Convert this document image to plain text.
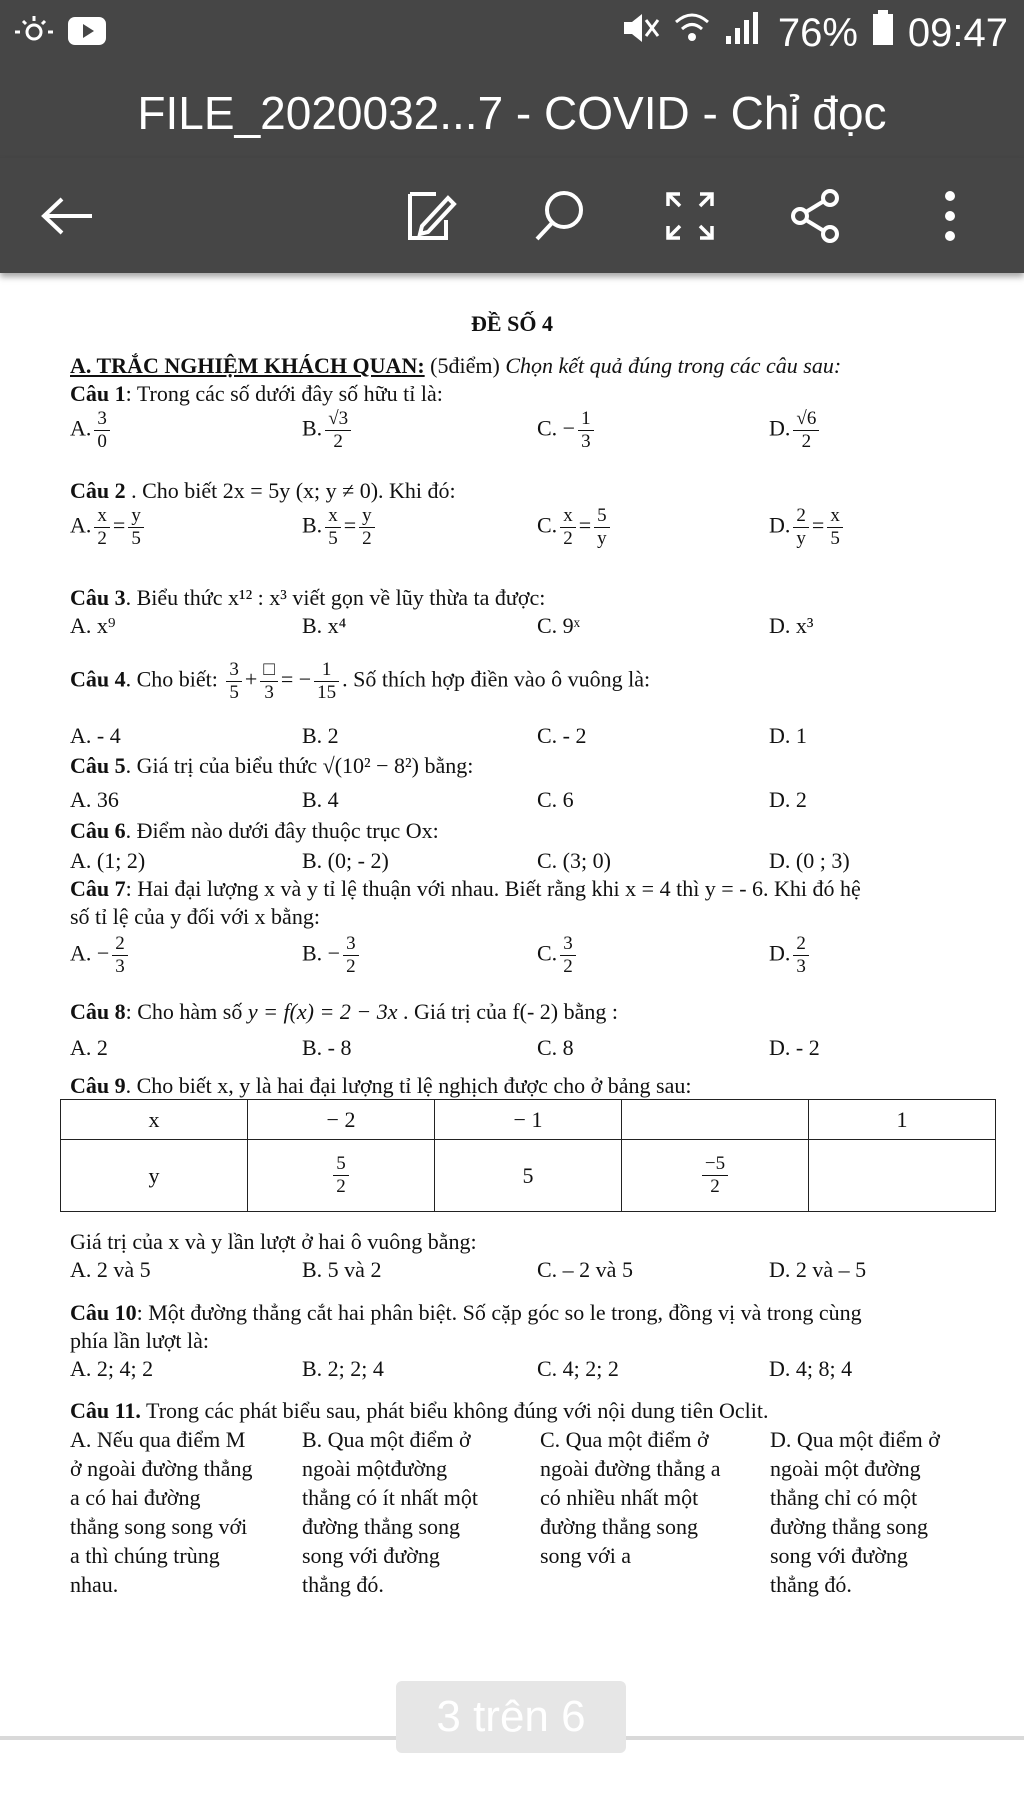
76% 09:47
FILE_2020032...7 - COVID - Chỉ đọc
ĐỀ SỐ 4
A. TRẮC NGHIỆM KHÁCH QUAN: (5điểm) Chọn kết quả đúng trong các câu sau:
Câu 1: Trong các số dưới đây số hữu tỉ là:
A. $\frac{3}{0}$	B. $\frac{√3}{2}$	C. − $\frac{1}{3}$	D. $\frac{√6}{2}$
Câu 2 . Cho biết 2x = 5y (x; y ≠ 0). Khi đó:
A. $\frac{x}{2} = \frac{y}{5}$	B. $\frac{x}{5} = \frac{y}{2}$	C. $\frac{x}{2} = \frac{5}{y}$	D. $\frac{2}{y} = \frac{x}{5}$
Câu 3. Biểu thức x¹² : x³ viết gọn về lũy thừa ta được:
A. x⁹	B. x⁴	C. 9ˣ	D. x³
Câu 4. Cho biết: $\frac{3}{5} + \frac{□}{3}$ = − $\frac{1}{15}$ . Số thích hợp điền vào ô vuông là:
A. - 4	B. 2	C. - 2	D. 1
Câu 5. Giá trị của biểu thức √(10² − 8²) bằng:
A. 36	B. 4	C. 6	D. 2
Câu 6. Điểm nào dưới đây thuộc trục Ox:
A. (1; 2)	B. (0; - 2)	C. (3; 0)	D. (0 ; 3)
Câu 7: Hai đại lượng x và y tỉ lệ thuận với nhau. Biết rằng khi x = 4 thì y = - 6. Khi đó hệ
số tỉ lệ của y đối với x bằng:
A. − $\frac{2}{3}$	B. − $\frac{3}{2}$	C. $\frac{3}{2}$	D. $\frac{2}{3}$
Câu 8: Cho hàm số y = f(x) = 2 − 3x . Giá trị của f(- 2) bằng :
A. 2	B. - 8	C. 8	D. - 2
Câu 9. Cho biết x, y là hai đại lượng tỉ lệ nghịch được cho ở bảng sau:
x	− 2	− 1		1
y	$\frac{5}{2}$	5	$\frac{-5}{2}$

Giá trị của x và y lần lượt ở hai ô vuông bằng:
A. 2 và 5	B. 5 và 2	C. – 2 và 5	D. 2 và – 5
Câu 10: Một đường thẳng cắt hai phân biệt. Số cặp góc so le trong, đồng vị và trong cùng
phía lần lượt là:
A. 2; 4; 2	B. 2; 2; 4	C. 4; 2; 2	D. 4; 8; 4
Câu 11. Trong các phát biểu sau, phát biểu không đúng với nội dung tiên Oclit.
A. Nếu qua điểm M
ở ngoài đường thẳng
a có hai đường
thẳng song song với
a thì chúng trùng
nhau.
B. Qua một điểm ở
ngoài mộtđường
thẳng có ít nhất một
đường thẳng song
song với đường
thẳng đó.
C. Qua một điểm ở
ngoài đường thẳng a
có nhiều nhất một
đường thẳng song
song với a
D. Qua một điểm ở
ngoài một đường
thẳng chỉ có một
đường thẳng song
song với đường
thẳng đó.
3 trên 6
